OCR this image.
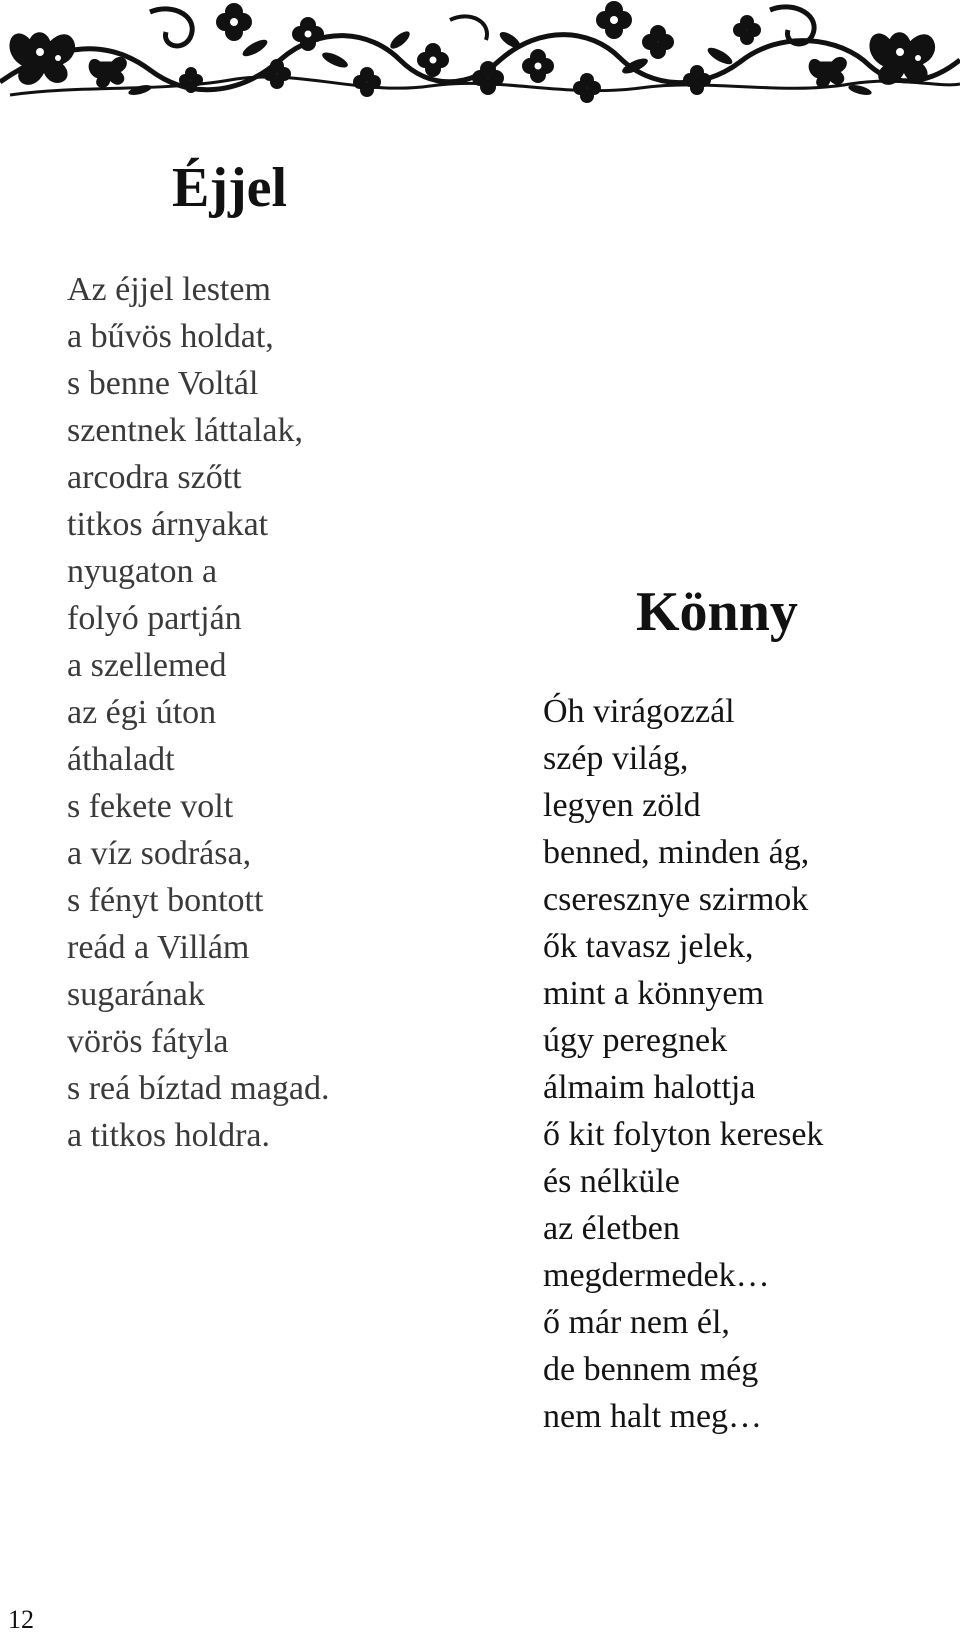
Éjjel
Az éjjel lestem
a bűvös holdat,
s benne Voltál
szentnek láttalak,
arcodra szőtt
titkos árnyakat
nyugaton a
folyó partján
a szellemed
az égi úton
áthaladt
s fekete volt
a víz sodrása,
s fényt bontott
reád a Villám
sugarának
vörös fátyla
s reá bíztad magad.
a titkos holdra.
Könny
Óh virágozzál
szép világ,
legyen zöld
benned, minden ág,
cseresznye szirmok
ők tavasz jelek,
mint a könnyem
úgy peregnek
álmaim halottja
ő kit folyton keresek
és nélküle
az életben
megdermedek…
ő már nem él,
de bennem még
nem halt meg…
12
